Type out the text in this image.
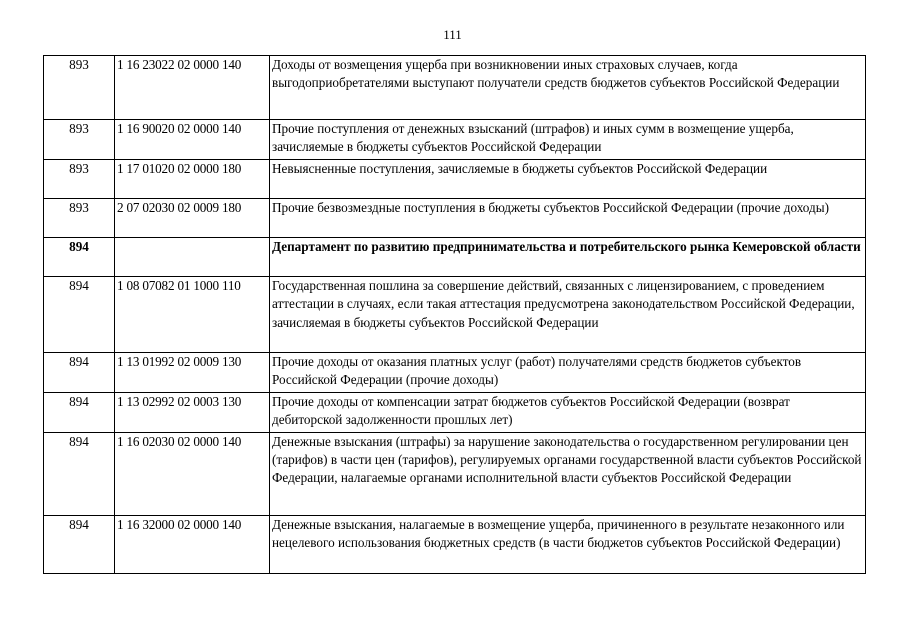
111
893	1 16 23022 02 0000 140	Доходы от возмещения ущерба при возникновении иных страховых случаев, когда выгодоприобретателями выступают получатели средств бюджетов субъектов Российской Федерации
893	1 16 90020 02 0000 140	Прочие поступления от денежных взысканий (штрафов) и иных сумм в возмещение ущерба, зачисляемые в бюджеты субъектов Российской Федерации
893	1 17 01020 02 0000 180	Невыясненные поступления, зачисляемые в бюджеты субъектов Российской Федерации
893	2 07 02030 02 0009 180	Прочие безвозмездные поступления в бюджеты субъектов Российской Федерации (прочие доходы)
894		Департамент по развитию предпринимательства и потребительского рынка Кемеровской области
894	1 08 07082 01 1000 110	Государственная пошлина за совершение действий, связанных с лицензированием, с проведением аттестации в случаях, если такая аттестация предусмотрена законодательством Российской Федерации, зачисляемая в бюджеты субъектов Российской Федерации
894	1 13 01992 02 0009 130	Прочие доходы от оказания платных услуг (работ) получателями средств бюджетов субъектов Российской Федерации (прочие доходы)
894	1 13 02992 02 0003 130	Прочие доходы от компенсации затрат бюджетов субъектов Российской Федерации (возврат дебиторской задолженности прошлых лет)
894	1 16 02030 02 0000 140	Денежные взыскания (штрафы) за нарушение законодательства о государственном регулировании цен (тарифов) в части цен (тарифов), регулируемых органами государственной власти субъектов Российской Федерации, налагаемые органами исполнительной власти субъектов Российской Федерации
894	1 16 32000 02 0000 140	Денежные взыскания, налагаемые в возмещение ущерба, причиненного в результате незаконного или нецелевого использования бюджетных средств (в части бюджетов субъектов Российской Федерации)
